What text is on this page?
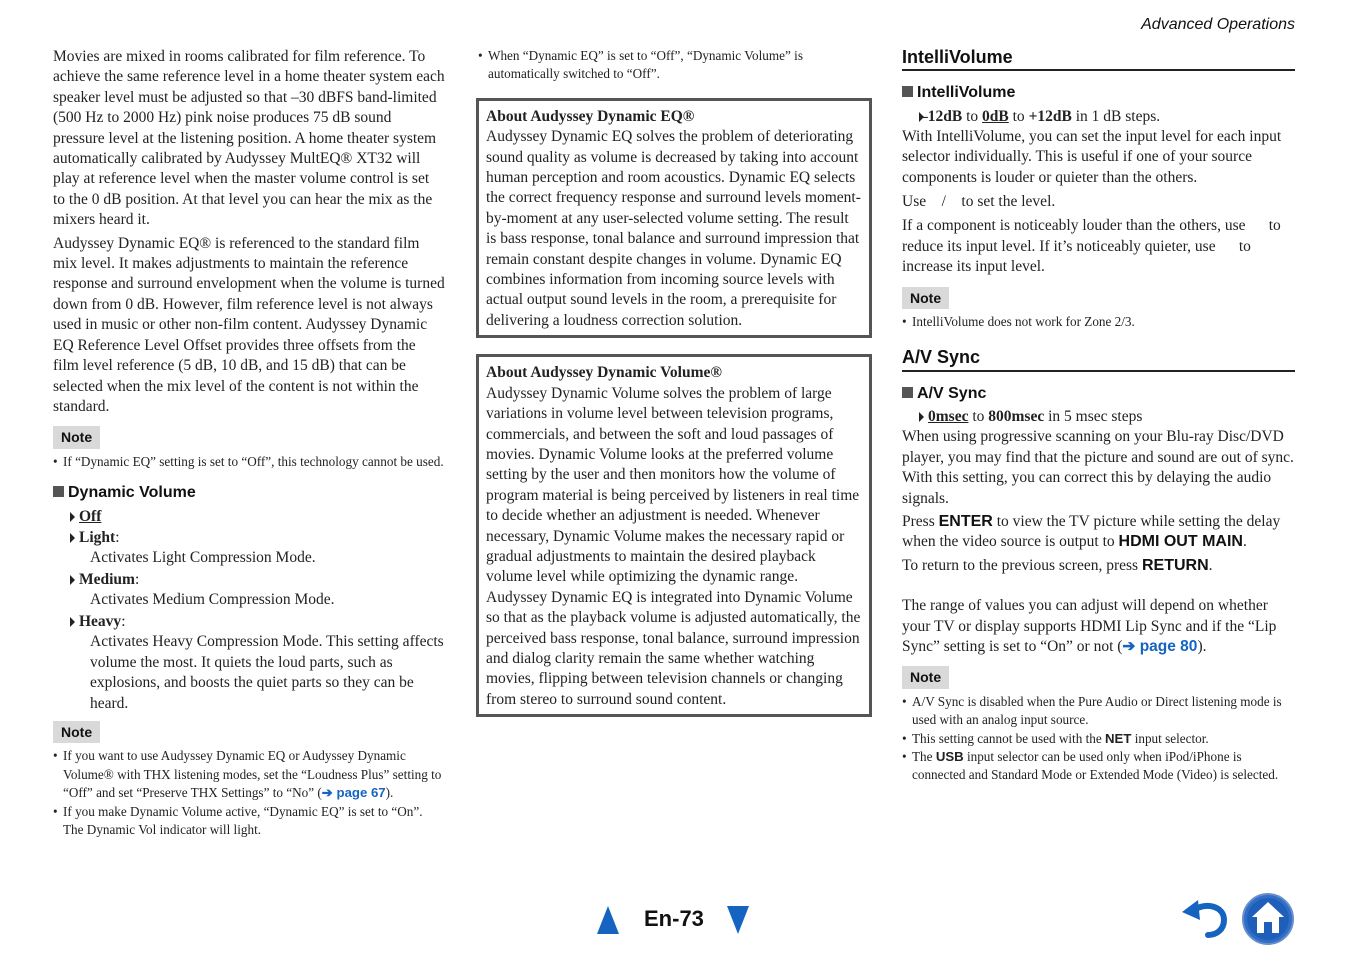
Advanced Operations

Movies are mixed in rooms calibrated for film reference. To achieve the same reference level in a home theater system each speaker level must be adjusted so that –30 dBFS band-limited (500 Hz to 2000 Hz) pink noise produces 75 dB sound pressure level at the listening position. A home theater system automatically calibrated by Audyssey MultEQ® XT32 will play at reference level when the master volume control is set to the 0 dB position. At that level you can hear the mix as the mixers heard it.

Audyssey Dynamic EQ® is referenced to the standard film mix level. It makes adjustments to maintain the reference response and surround envelopment when the volume is turned down from 0 dB. However, film reference level is not always used in music or other non-film content. Audyssey Dynamic EQ Reference Level Offset provides three offsets from the film level reference (5 dB, 10 dB, and 15 dB) that can be selected when the mix level of the content is not within the standard.

Note
• If “Dynamic EQ” setting is set to “Off”, this technology cannot be used.
Dynamic Volume
Off
Light:
Activates Light Compression Mode.
Medium:
Activates Medium Compression Mode.
Heavy:
Activates Heavy Compression Mode. This setting affects volume the most. It quiets the loud parts, such as explosions, and boosts the quiet parts so they can be heard.
Note
• If you want to use Audyssey Dynamic EQ or Audyssey Dynamic Volume® with THX listening modes, set the “Loudness Plus” setting to “Off” and set “Preserve THX Settings” to “No” (➔ page 67).
• If you make Dynamic Volume active, “Dynamic EQ” is set to “On”. The Dynamic Vol indicator will light.
• When “Dynamic EQ” is set to “Off”, “Dynamic Volume” is automatically switched to “Off”.
About Audyssey Dynamic EQ®
Audyssey Dynamic EQ solves the problem of deteriorating sound quality as volume is decreased by taking into account human perception and room acoustics. Dynamic EQ selects the correct frequency response and surround levels moment-by-moment at any user-selected volume setting. The result is bass response, tonal balance and surround impression that remain constant despite changes in volume. Dynamic EQ combines information from incoming source levels with actual output sound levels in the room, a prerequisite for delivering a loudness correction solution.
About Audyssey Dynamic Volume®
Audyssey Dynamic Volume solves the problem of large variations in volume level between television programs, commercials, and between the soft and loud passages of movies. Dynamic Volume looks at the preferred volume setting by the user and then monitors how the volume of program material is being perceived by listeners in real time to decide whether an adjustment is needed. Whenever necessary, Dynamic Volume makes the necessary rapid or gradual adjustments to maintain the desired playback volume level while optimizing the dynamic range. Audyssey Dynamic EQ is integrated into Dynamic Volume so that as the playback volume is adjusted automatically, the perceived bass response, tonal balance, surround impression and dialog clarity remain the same whether watching movies, flipping between television channels or changing from stereo to surround sound content.
IntelliVolume
IntelliVolume
–12dB to 0dB to +12dB in 1 dB steps.

With IntelliVolume, you can set the input level for each input selector individually. This is useful if one of your source components is louder or quieter than the others.

Use    /    to set the level.

If a component is noticeably louder than the others, use      to reduce its input level. If it’s noticeably quieter, use      to increase its input level.

Note
• IntelliVolume does not work for Zone 2/3.
A/V Sync
A/V Sync
0msec to 800msec in 5 msec steps

When using progressive scanning on your Blu-ray Disc/DVD player, you may find that the picture and sound are out of sync. With this setting, you can correct this by delaying the audio signals.

Press ENTER to view the TV picture while setting the delay when the video source is output to HDMI OUT MAIN.

To return to the previous screen, press RETURN.

The range of values you can adjust will depend on whether your TV or display supports HDMI Lip Sync and if the “Lip Sync” setting is set to “On” or not (➔ page 80).

Note
• A/V Sync is disabled when the Pure Audio or Direct listening mode is used with an analog input source.
• This setting cannot be used with the NET input selector.
• The USB input selector can be used only when iPod/iPhone is connected and Standard Mode or Extended Mode (Video) is selected.
En-73
